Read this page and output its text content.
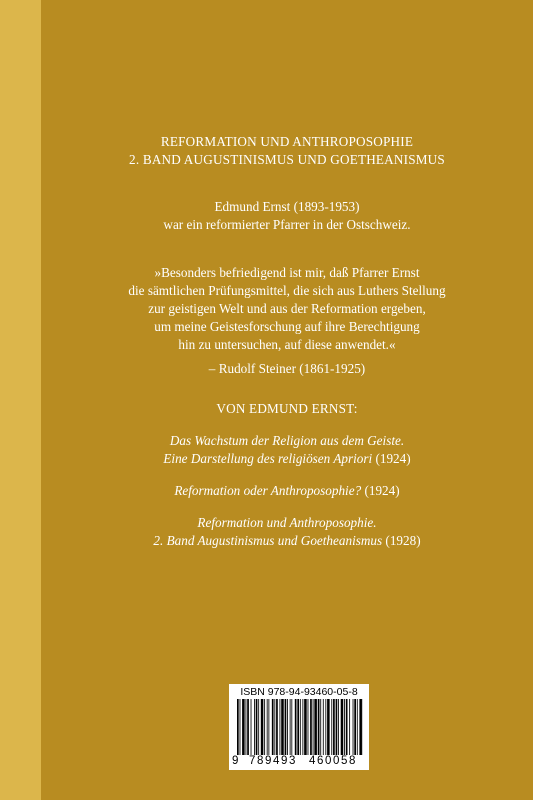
REFORMATION UND ANTHROPOSOPHIE
2. BAND AUGUSTINISMUS UND GOETHEANISMUS
Edmund Ernst (1893-1953)
war ein reformierter Pfarrer in der Ostschweiz.
»Besonders befriedigend ist mir, daß Pfarrer Ernst
die sämtlichen Prüfungsmittel, die sich aus Luthers Stellung
zur geistigen Welt und aus der Reformation ergeben,
um meine Geistesforschung auf ihre Berechtigung
hin zu untersuchen, auf diese anwendet.«
– Rudolf Steiner (1861-1925)
VON EDMUND ERNST:
Das Wachstum der Religion aus dem Geiste.
Eine Darstellung des religiösen Apriori (1924)
Reformation oder Anthroposophie? (1924)
Reformation und Anthroposophie.
2. Band Augustinismus und Goetheanismus (1928)
ISBN 978-94-93460-05-8
9 789493 460058
